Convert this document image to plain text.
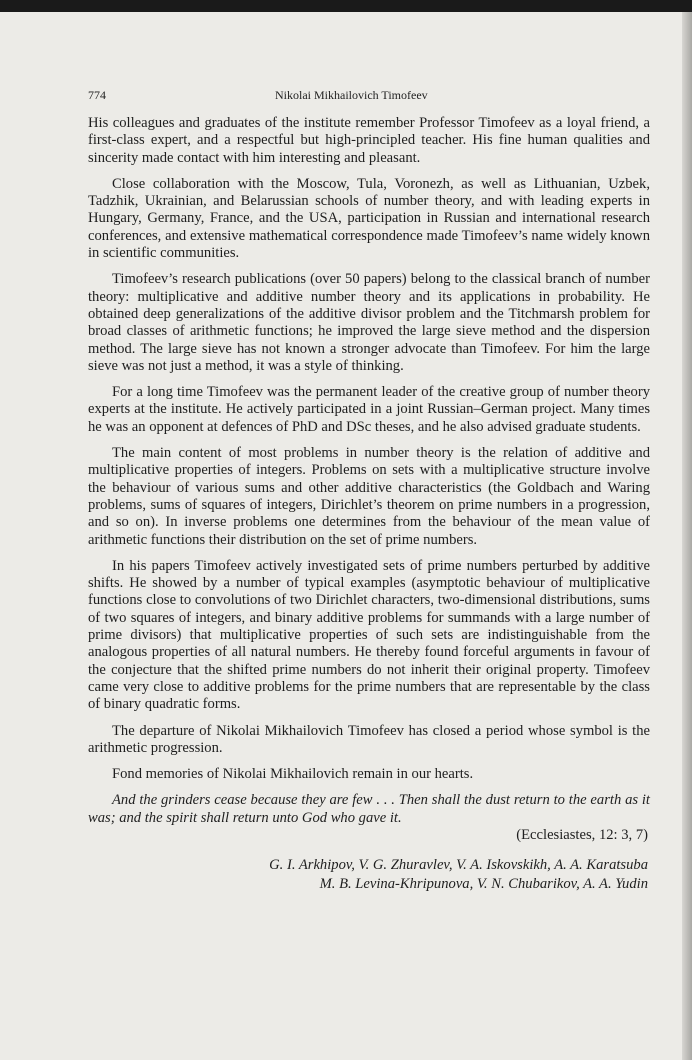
774	Nikolai Mikhailovich Timofeev

His colleagues and graduates of the institute remember Professor Timofeev as a loyal friend, a first-class expert, and a respectful but high-principled teacher. His fine human qualities and sincerity made contact with him interesting and pleasant.

Close collaboration with the Moscow, Tula, Voronezh, as well as Lithuanian, Uzbek, Tadzhik, Ukrainian, and Belarussian schools of number theory, and with leading experts in Hungary, Germany, France, and the USA, participation in Russian and international research conferences, and extensive mathematical correspondence made Timofeev’s name widely known in scientific communities.

Timofeev’s research publications (over 50 papers) belong to the classical branch of number theory: multiplicative and additive number theory and its applications in probability. He obtained deep generalizations of the additive divisor problem and the Titchmarsh problem for broad classes of arithmetic functions; he improved the large sieve method and the dispersion method. The large sieve has not known a stronger advocate than Timofeev. For him the large sieve was not just a method, it was a style of thinking.

For a long time Timofeev was the permanent leader of the creative group of number theory experts at the institute. He actively participated in a joint Russian–German project. Many times he was an opponent at defences of PhD and DSc theses, and he also advised graduate students.

The main content of most problems in number theory is the relation of additive and multiplicative properties of integers. Problems on sets with a multiplicative structure involve the behaviour of various sums and other additive characteristics (the Goldbach and Waring problems, sums of squares of integers, Dirichlet’s theorem on prime numbers in a progression, and so on). In inverse problems one determines from the behaviour of the mean value of arithmetic functions their distribution on the set of prime numbers.

In his papers Timofeev actively investigated sets of prime numbers perturbed by additive shifts. He showed by a number of typical examples (asymptotic behaviour of multiplicative functions close to convolutions of two Dirichlet characters, two-dimensional distributions, sums of two squares of integers, and binary additive problems for summands with a large number of prime divisors) that multiplicative properties of such sets are indistinguishable from the analogous properties of all natural numbers. He thereby found forceful arguments in favour of the conjecture that the shifted prime numbers do not inherit their original property. Timofeev came very close to additive problems for the prime numbers that are representable by the class of binary quadratic forms.

The departure of Nikolai Mikhailovich Timofeev has closed a period whose symbol is the arithmetic progression.

Fond memories of Nikolai Mikhailovich remain in our hearts.

And the grinders cease because they are few . . . Then shall the dust return to the earth as it was; and the spirit shall return unto God who gave it.
(Ecclesiastes, 12: 3, 7)
G. I. Arkhipov, V. G. Zhuravlev, V. A. Iskovskikh, A. A. Karatsuba
M. B. Levina-Khripunova, V. N. Chubarikov, A. A. Yudin
